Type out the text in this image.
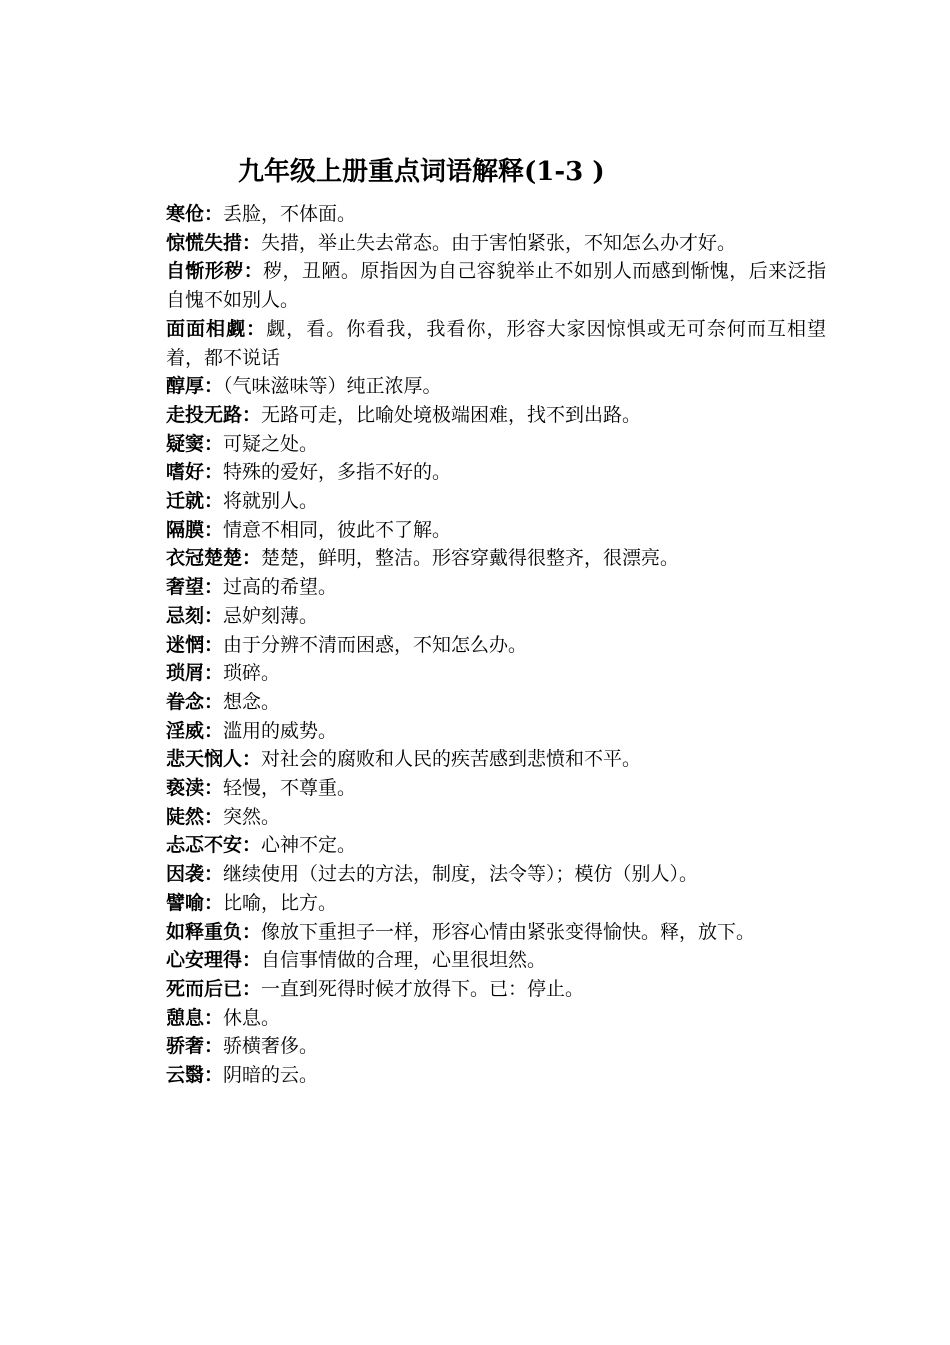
九年级上册重点词语解释(1-3 )
寒伧：丢脸，不体面。
惊慌失措：失措，举止失去常态。由于害怕紧张，不知怎么办才好。
自惭形秽：秽，丑陋。原指因为自己容貌举止不如别人而感到惭愧，后来泛指自愧不如别人。
面面相觑：觑，看。你看我，我看你，形容大家因惊惧或无可奈何而互相望着，都不说话
醇厚：（气味滋味等）纯正浓厚。
走投无路：无路可走，比喻处境极端困难，找不到出路。
疑窦：可疑之处。
嗜好：特殊的爱好，多指不好的。
迁就：将就别人。
隔膜：情意不相同，彼此不了解。
衣冠楚楚：楚楚，鲜明，整洁。形容穿戴得很整齐，很漂亮。
奢望：过高的希望。
忌刻：忌妒刻薄。
迷惘：由于分辨不清而困惑，不知怎么办。
琐屑：琐碎。
眷念：想念。
淫威：滥用的威势。
悲天悯人：对社会的腐败和人民的疾苦感到悲愤和不平。
亵渎：轻慢，不尊重。
陡然：突然。
忐忑不安：心神不定。
因袭：继续使用（过去的方法，制度，法令等）；模仿（别人）。
譬喻：比喻，比方。
如释重负：像放下重担子一样，形容心情由紧张变得愉快。释，放下。
心安理得：自信事情做的合理，心里很坦然。
死而后已：一直到死得时候才放得下。已：停止。
憩息：休息。
骄奢：骄横奢侈。
云翳：阴暗的云。
